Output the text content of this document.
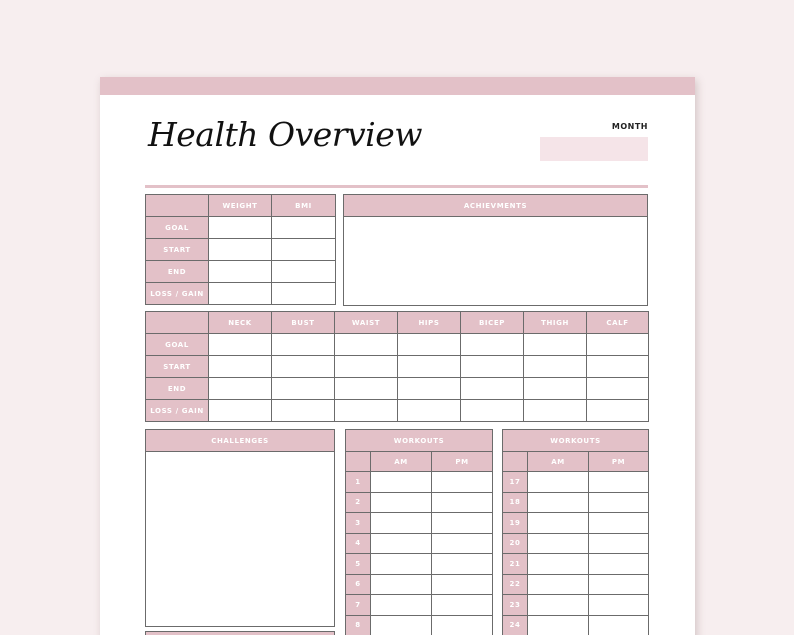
Health Overview	MONTH
	WEIGHT	BMI
GOAL		
START		
END		
LOSS / GAIN		
ACHIEVMENTS
	NECK	BUST	WAIST	HIPS	BICEP	THIGH	CALF
GOAL							
START							
END							
LOSS / GAIN							
CHALLENGES	WORKOUTS		
	AM	PM
1		
2		
3		
4		
5		
6		
7		
8		
WORKOUTS		
	AM	PM
17		
18		
19		
20		
21		
22		
23		
24		
